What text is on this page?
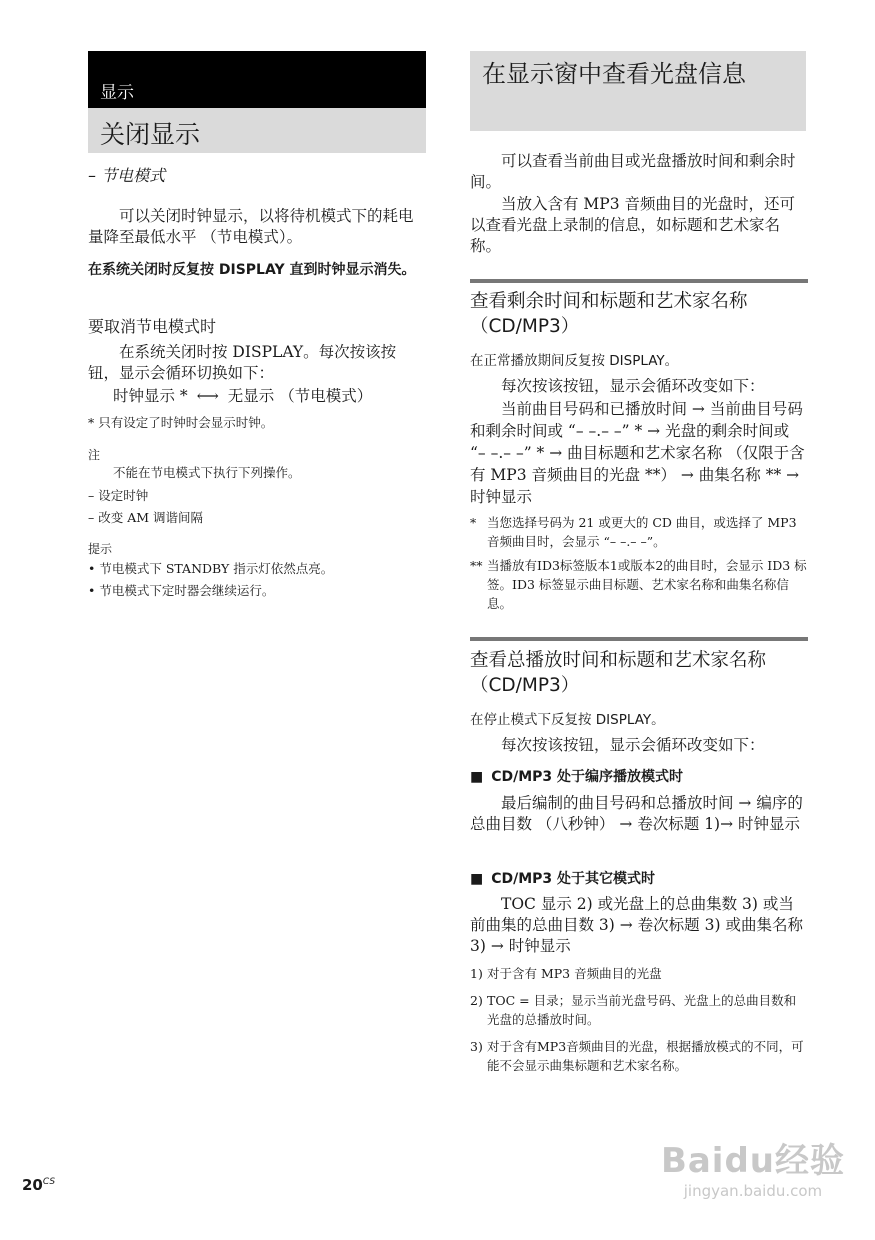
显示
关闭显示

– 节电模式

可以关闭时钟显示，以将待机模式下的耗电量降至最低水平 （节电模式）。

在系统关闭时反复按 DISPLAY 直到时钟显示消失。

要取消节电模式时

在系统关闭时按 DISPLAY。每次按该按钮，显示会循环切换如下：

时钟显示 * ⟷ 无显示 （节电模式）

* 只有设定了时钟时会显示时钟。

注

不能在节电模式下执行下列操作。

– 设定时钟

– 改变 AM 调谐间隔

提示

• 节电模式下 STANDBY 指示灯依然点亮。

• 节电模式下定时器会继续运行。

在显示窗中查看光盘信息

可以查看当前曲目或光盘播放时间和剩余时间。

当放入含有 MP3 音频曲目的光盘时，还可以查看光盘上录制的信息，如标题和艺术家名称。

查看剩余时间和标题和艺术家名称 （CD/MP3）

在正常播放期间反复按 DISPLAY。

每次按该按钮，显示会循环改变如下：

当前曲目号码和已播放时间 → 当前曲目号码和剩余时间或 “– –.– –” * → 光盘的剩余时间或 “– –.– –” * → 曲目标题和艺术家名称 （仅限于含有 MP3 音频曲目的光盘 **） → 曲集名称 ** → 时钟显示

* 当您选择号码为 21 或更大的 CD 曲目，或选择了 MP3 音频曲目时，会显示 “– –.– –”。
** 当播放有ID3标签版本1或版本2的曲目时，会显示 ID3 标签。ID3 标签显示曲目标题、艺术家名称和曲集名称信息。

查看总播放时间和标题和艺术家名称 （CD/MP3）

在停止模式下反复按 DISPLAY。

每次按该按钮，显示会循环改变如下：

■ CD/MP3 处于编序播放模式时

最后编制的曲目号码和总播放时间 → 编序的总曲目数 （八秒钟） → 卷次标题 1)→ 时钟显示

■ CD/MP3 处于其它模式时

TOC 显示 2) 或光盘上的总曲集数 3) 或当前曲集的总曲目数 3) → 卷次标题 3) 或曲集名称 3) → 时钟显示

1) 对于含有 MP3 音频曲目的光盘
2) TOC = 目录；显示当前光盘号码、光盘上的总曲目数和光盘的总播放时间。
3) 对于含有MP3音频曲目的光盘，根据播放模式的不同，可能不会显示曲集标题和艺术家名称。
$20^{CS}$
Baidu经验
jingyan.baidu.com
